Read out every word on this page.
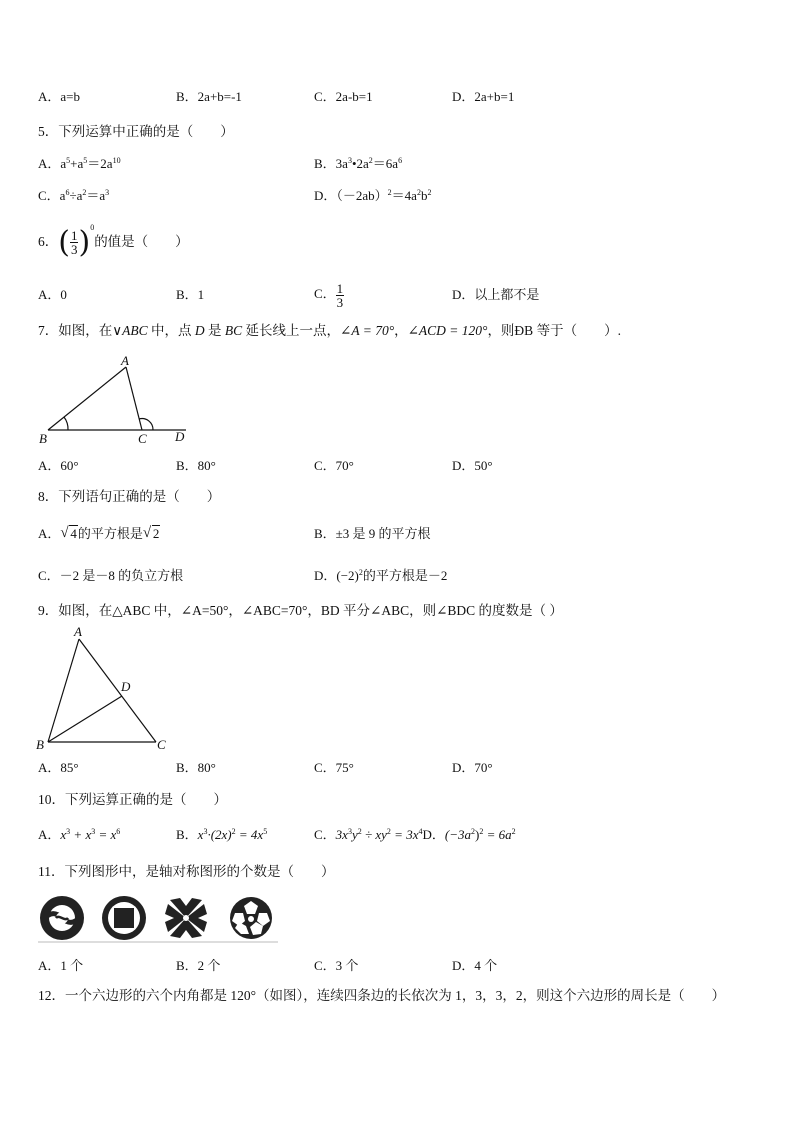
A．a=b	B．2a+b=-1	C．2a-b=1	D．2a+b=1
5．下列运算中正确的是（　　）
A．$a^5+a^5=2a^{10}$	B．$3a^3•2a^2=6a^6$
C．$a^6\div a^2=a^3$	D．$(-2ab)^2=4a^2b^2$
6．( $\frac{1}{3} )^0$的值是（　　）
A．0	B．1	C． $\frac{1}{3}$	D．以上都不是
7．如图，在∨ABC 中，点 D 是 BC 延长线上一点，∠A = 70°，∠ACD = 120°，则ÐB 等于（　　）.
A
B	C D
A．60°	B．80°	C．70°	D．50°
8．下列语句正确的是（　　）
A． √ 4的平方根是 √ 2	B．±3 是 9 的平方根
C．－2 是－8 的负立方根	D．$(-2)^2$的平方根是－2
9．如图，在△ABC 中，∠A=50°，∠ABC=70°，BD 平分∠ABC，则∠BDC 的度数是（ ）
A
B	C
D
A．85°	B．80°	C．75°	D．70°
10．下列运算正确的是（　　）
A．$x^3 + x^3 = x^6$	B．$x^3\cdot(2x)^2 = 4x^5$	C．$3x^3y^2 \div xy^2 = 3x^4D$．$(-3a^2)^2 = 6a^2$
11．下列图形中，是轴对称图形的个数是（　　）
A．1 个	B．2 个	C．3 个	D．4 个
12．一个六边形的六个内角都是 120°（如图），连续四条边的长依次为 1，3，3，2，则这个六边形的周长是（　　）
